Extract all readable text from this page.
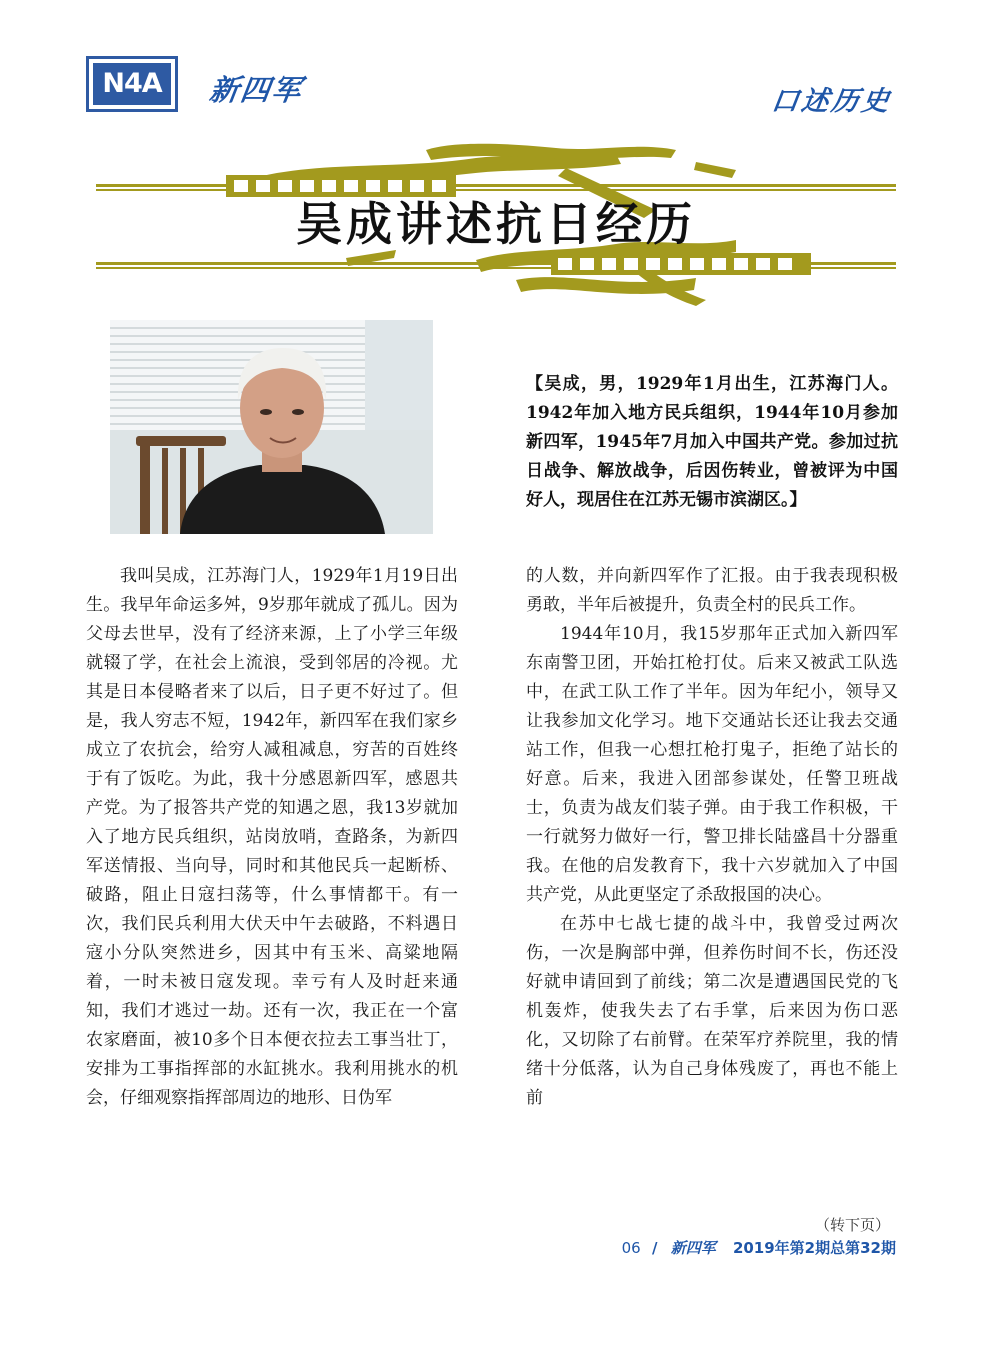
N4A	新四军	口述历史
吴成讲述抗日经历

【吴成，男，1929年1月出生，江苏海门人。1942年加入地方民兵组织，1944年10月参加新四军，1945年7月加入中国共产党。参加过抗日战争、解放战争，后因伤转业，曾被评为中国好人，现居住在江苏无锡市滨湖区。】

我叫吴成，江苏海门人，1929年1月19日出生。我早年命运多舛，9岁那年就成了孤儿。因为父母去世早，没有了经济来源，上了小学三年级就辍了学，在社会上流浪，受到邻居的冷视。尤其是日本侵略者来了以后，日子更不好过了。但是，我人穷志不短，1942年，新四军在我们家乡成立了农抗会，给穷人减租减息，穷苦的百姓终于有了饭吃。为此，我十分感恩新四军，感恩共产党。为了报答共产党的知遇之恩，我13岁就加入了地方民兵组织，站岗放哨，查路条，为新四军送情报、当向导，同时和其他民兵一起断桥、破路，阻止日寇扫荡等，什么事情都干。有一次，我们民兵利用大伏天中午去破路，不料遇日寇小分队突然进乡，因其中有玉米、高粱地隔着，一时未被日寇发现。幸亏有人及时赶来通知，我们才逃过一劫。还有一次，我正在一个富农家磨面，被10多个日本便衣拉去工事当壮丁，安排为工事指挥部的水缸挑水。我利用挑水的机会，仔细观察指挥部周边的地形、日伪军

的人数，并向新四军作了汇报。由于我表现积极勇敢，半年后被提升，负责全村的民兵工作。

1944年10月，我15岁那年正式加入新四军东南警卫团，开始扛枪打仗。后来又被武工队选中，在武工队工作了半年。因为年纪小，领导又让我参加文化学习。地下交通站长还让我去交通站工作，但我一心想扛枪打鬼子，拒绝了站长的好意。后来，我进入团部参谋处，任警卫班战士，负责为战友们装子弹。由于我工作积极，干一行就努力做好一行，警卫排长陆盛昌十分器重我。在他的启发教育下，我十六岁就加入了中国共产党，从此更坚定了杀敌报国的决心。

在苏中七战七捷的战斗中，我曾受过两次伤，一次是胸部中弹，但养伤时间不长，伤还没好就申请回到了前线；第二次是遭遇国民党的飞机轰炸，使我失去了右手掌，后来因为伤口恶化，又切除了右前臂。在荣军疗养院里，我的情绪十分低落，认为自己身体残废了，再也不能上前

（转下页）
06 / 新四军 2019年第2期总第32期
